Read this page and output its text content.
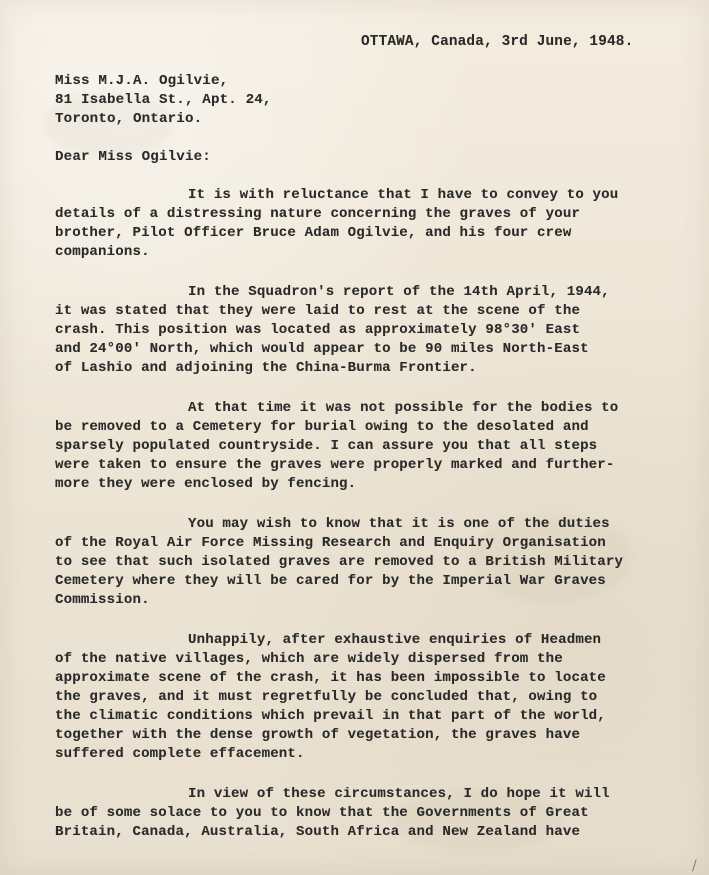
OTTAWA, Canada, 3rd June, 1948.
Miss M.J.A. Ogilvie,
81 Isabella St., Apt. 24,
Toronto, Ontario.
Dear Miss Ogilvie:
It is with reluctance that I have to convey to you
details of a distressing nature concerning the graves of your
brother, Pilot Officer Bruce Adam Ogilvie, and his four crew
companions.
In the Squadron's report of the 14th April, 1944,
it was stated that they were laid to rest at the scene of the
crash. This position was located as approximately 98°30' East
and 24°00' North, which would appear to be 90 miles North-East
of Lashio and adjoining the China-Burma Frontier.
At that time it was not possible for the bodies to
be removed to a Cemetery for burial owing to the desolated and
sparsely populated countryside. I can assure you that all steps
were taken to ensure the graves were properly marked and further-
more they were enclosed by fencing.
You may wish to know that it is one of the duties
of the Royal Air Force Missing Research and Enquiry Organisation
to see that such isolated graves are removed to a British Military
Cemetery where they will be cared for by the Imperial War Graves
Commission.
Unhappily, after exhaustive enquiries of Headmen
of the native villages, which are widely dispersed from the
approximate scene of the crash, it has been impossible to locate
the graves, and it must regretfully be concluded that, owing to
the climatic conditions which prevail in that part of the world,
together with the dense growth of vegetation, the graves have
suffered complete effacement.
In view of these circumstances, I do hope it will
be of some solace to you to know that the Governments of Great
Britain, Canada, Australia, South Africa and New Zealand have
/
